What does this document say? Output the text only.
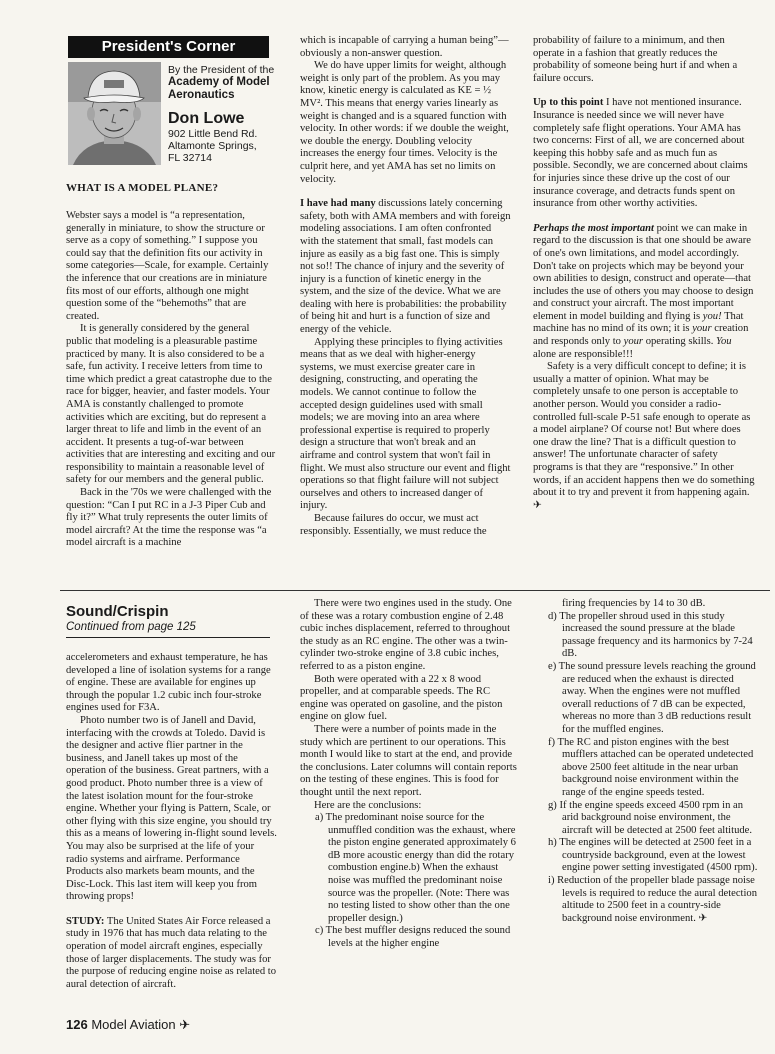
President's Corner
By the President of the
Academy of Model Aeronautics
Don Lowe
902 Little Bend Rd.
Altamonte Springs,
FL 32714
WHAT IS A MODEL PLANE?

Webster says a model is “a representation, generally in miniature, to show the structure or serve as a copy of something.” I suppose you could say that the definition fits our activity in some categories—Scale, for example. Certainly the inference that our creations are in miniature fits most of our efforts, although one might question some of the “behemoths” that are created.

It is generally considered by the general public that modeling is a pleasurable pastime practiced by many. It is also considered to be a safe, fun activity. I receive letters from time to time which predict a great catastrophe due to the race for bigger, heavier, and faster models. Your AMA is constantly challenged to promote activities which are exciting, but do represent a larger threat to life and limb in the event of an accident. It presents a tug-of-war between activities that are interesting and exciting and our responsibility to maintain a reasonable level of safety for our members and the general public.

Back in the '70s we were challenged with the question: “Can I put RC in a J-3 Piper Cub and fly it?” What truly represents the outer limits of model aircraft? At the time the response was “a model aircraft is a machine

which is incapable of carrying a human being”—obviously a non-answer question.

We do have upper limits for weight, although weight is only part of the problem. As you may know, kinetic energy is calculated as KE = ½ MV². This means that energy varies linearly as weight is changed and is a squared function with velocity. In other words: if we double the weight, we double the energy. Doubling velocity increases the energy four times. Velocity is the culprit here, and yet AMA has set no limits on velocity.

I have had many discussions lately concerning safety, both with AMA members and with foreign modeling associations. I am often confronted with the statement that small, fast models can injure as easily as a big fast one. This is simply not so!! The chance of injury and the severity of injury is a function of kinetic energy in the system, and the size of the device. What we are dealing with here is probabilities: the probability of being hit and hurt is a function of size and energy of the vehicle.

Applying these principles to flying activities means that as we deal with higher-energy systems, we must exercise greater care in designing, constructing, and operating the models. We cannot continue to follow the accepted design guidelines used with small models; we are moving into an area where professional expertise is required to properly design a structure that won't break and an airframe and control system that won't fail in flight. We must also structure our event and flight operations so that flight failure will not subject ourselves and others to increased danger of injury.

Because failures do occur, we must act responsibly. Essentially, we must reduce the

probability of failure to a minimum, and then operate in a fashion that greatly reduces the probability of someone being hurt if and when a failure occurs.

Up to this point I have not mentioned insurance. Insurance is needed since we will never have completely safe flight operations. Your AMA has two concerns: First of all, we are concerned about keeping this hobby safe and as much fun as possible. Secondly, we are concerned about claims for injuries since these drive up the cost of our insurance coverage, and detracts funds spent on insurance from other worthy activities.

Perhaps the most important point we can make in regard to the discussion is that one should be aware of one's own limitations, and model accordingly. Don't take on projects which may be beyond your own abilities to design, construct and operate—that includes the use of others you may choose to design and construct your aircraft. The most important element in model building and flying is you! That machine has no mind of its own; it is your creation and responds only to your operating skills. You alone are responsible!!!

Safety is a very difficult concept to define; it is usually a matter of opinion. What may be completely unsafe to one person is acceptable to another person. Would you consider a radio-controlled full-scale P-51 safe enough to operate as a model airplane? Of course not! But where does one draw the line? That is a difficult question to answer! The unfortunate character of safety programs is that they are “responsive.” In other words, if an accident happens then we do something about it to try and prevent it from happening again. ✈

Sound/Crispin
Continued from page 125

accelerometers and exhaust temperature, he has developed a line of isolation systems for a range of engine. These are available for engines up through the popular 1.2 cubic inch four-stroke engines used for F3A.

Photo number two is of Janell and David, interfacing with the crowds at Toledo. David is the designer and active flier partner in the business, and Janell takes up most of the operation of the business. Great partners, with a good product. Photo number three is a view of the latest isolation mount for the four-stroke engine. Whether your flying is Pattern, Scale, or other flying with this size engine, you should try this as a means of lowering in-flight sound levels. You may also be surprised at the life of your radio systems and airframe. Performance Products also markets beam mounts, and the Disc-Lock. This last item will keep you from throwing props!

STUDY: The United States Air Force released a study in 1976 that has much data relating to the operation of model aircraft engines, especially those of larger displacements. The study was for the purpose of reducing engine noise as related to aural detection of aircraft.

There were two engines used in the study. One of these was a rotary combustion engine of 2.48 cubic inches displacement, referred to throughout the study as an RC engine. The other was a twin-cylinder two-stroke engine of 3.8 cubic inches, referred to as a piston engine.

Both were operated with a 22 x 8 wood propeller, and at comparable speeds. The RC engine was operated on gasoline, and the piston engine on glow fuel.

There were a number of points made in the study which are pertinent to our operations. This month I would like to start at the end, and provide the conclusions. Later columns will contain reports on the testing of these engines. This is food for thought until the next report.

Here are the conclusions:

a) The predominant noise source for the unmuffled condition was the exhaust, where the piston engine generated approximately 6 dB more acoustic energy than did the rotary combustion engine.b) When the exhaust noise was muffled the predominant noise source was the propeller. (Note: There was no testing listed to show other than the one propeller design.)

c) The best muffler designs reduced the sound levels at the higher engine

firing frequencies by 14 to 30 dB.

d) The propeller shroud used in this study increased the sound pressure at the blade passage frequency and its harmonics by 7-24 dB.

e) The sound pressure levels reaching the ground are reduced when the exhaust is directed away. When the engines were not muffled overall reductions of 7 dB can be expected, whereas no more than 3 dB reductions result for the muffled engines.

f) The RC and piston engines with the best mufflers attached can be operated undetected above 2500 feet altitude in the near urban background noise environment within the range of the engine speeds tested.

g) If the engine speeds exceed 4500 rpm in an arid background noise environment, the aircraft will be detected at 2500 feet altitude.

h) The engines will be detected at 2500 feet in a countryside background, even at the lowest engine power setting investigated (4500 rpm).

i) Reduction of the propeller blade passage noise levels is required to reduce the aural detection altitude to 2500 feet in a country-side background noise environment. ✈

126 Model Aviation ✈
